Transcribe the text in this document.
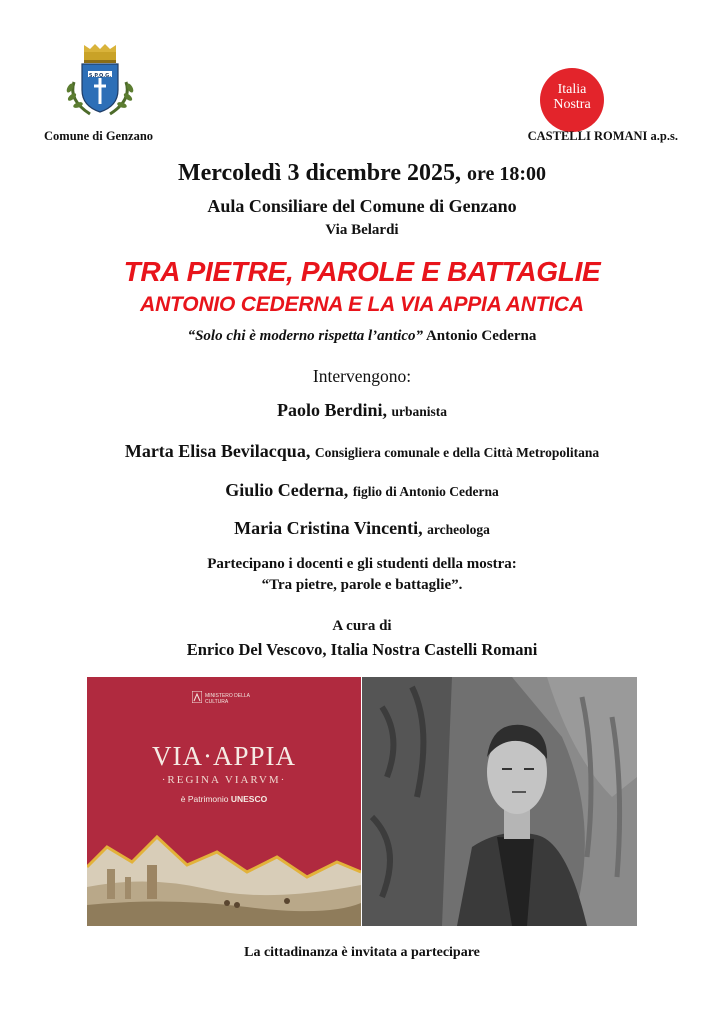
S.P.Q.G.
Italia
Nostra
Comune di Genzano	CASTELLI ROMANI a.p.s.
Mercoledì 3 dicembre 2025, ore 18:00
Aula Consiliare del Comune di Genzano
Via Belardi
TRA PIETRE, PAROLE E BATTAGLIE
ANTONIO CEDERNA E LA VIA APPIA ANTICA
“Solo chi è moderno rispetta l’antico” Antonio Cederna
Intervengono:
Paolo Berdini, urbanista
Marta Elisa Bevilacqua, Consigliera comunale e della Città Metropolitana
Giulio Cederna, figlio di Antonio Cederna
Maria Cristina Vincenti, archeologa
Partecipano i docenti e gli studenti della mostra:
“Tra pietre, parole e battaglie”.
A cura di
Enrico Del Vescovo, Italia Nostra Castelli Romani
MINISTERO DELLA CULTURA
VIA·APPIA
·REGINA VIARVM·
è Patrimonio UNESCO
La cittadinanza è invitata a partecipare
